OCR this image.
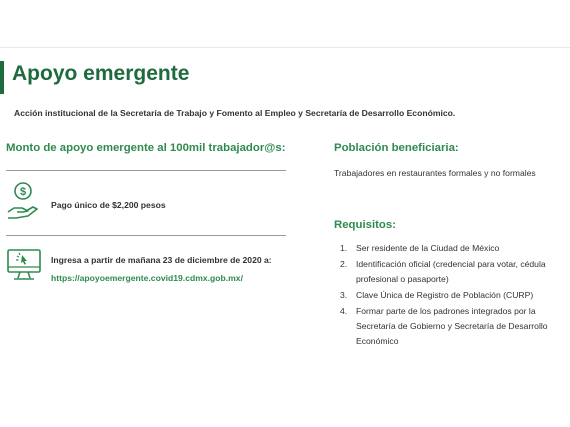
Apoyo emergente
Acción institucional de la Secretaría de Trabajo y Fomento al Empleo y Secretaría de Desarrollo Económico.
Monto de apoyo emergente al 100mil trabajador@s:
$
Pago único de $2,200 pesos
Ingresa a partir de mañana 23 de diciembre de 2020 a:
https://apoyoemergente.covid19.cdmx.gob.mx/
Población beneficiaria:
Trabajadores en restaurantes formales y no formales
Requisitos:
1. Ser residente de la Ciudad de México
2. Identificación oficial (credencial para votar, cédula profesional o pasaporte)
3. Clave Única de Registro de Población (CURP)
4. Formar parte de los padrones integrados por la Secretaría de Gobierno y Secretaría de Desarrollo Económico
